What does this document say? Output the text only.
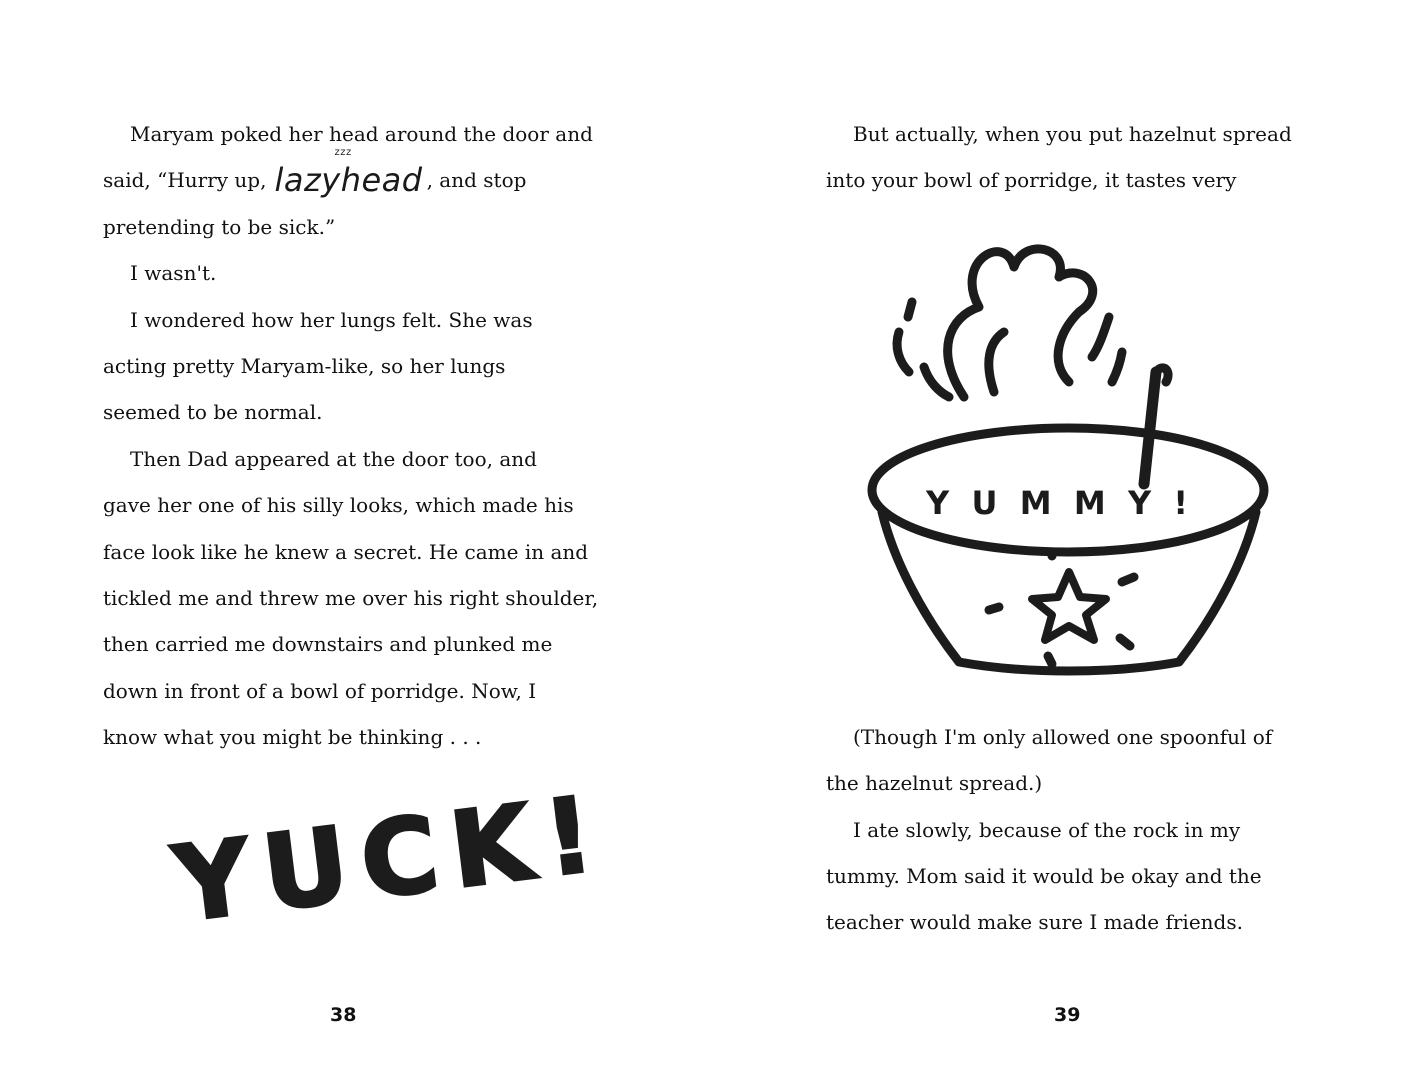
Maryam poked her head around the door and
said, “Hurry up,
zzz
lazyhead , and stop
pretending to be sick.”
I wasn't.
I wondered how her lungs felt. She was
acting pretty Maryam-like, so her lungs
seemed to be normal.
Then Dad appeared at the door too, and
gave her one of his silly looks, which made his
face look like he knew a secret. He came in and
tickled me and threw me over his right shoulder,
then carried me downstairs and plunked me
down in front of a bowl of porridge. Now, I
know what you might be thinking . . .
YUCK!
38
But actually, when you put hazelnut spread
into your bowl of porridge, it tastes very
(Though I'm only allowed one spoonful of
the hazelnut spread.)
I ate slowly, because of the rock in my
tummy. Mom said it would be okay and the
teacher would make sure I made friends.
YUMMY!
39
